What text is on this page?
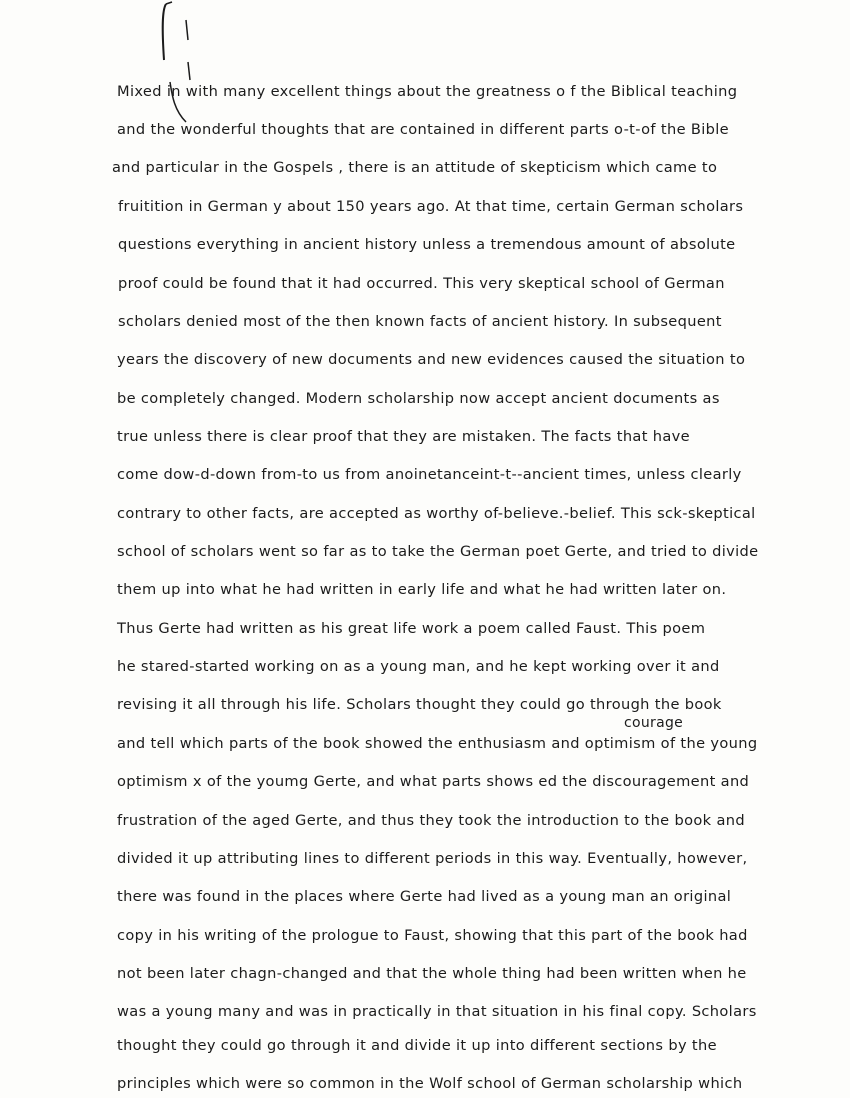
Mixed in with many excellent things about the greatness o f the Biblical teaching
and the wonderful thoughts that are contained in different parts o-t-of the Bible
and particular in the Gospels , there is an attitude of skepticism which came to
fruitition in German y about 150 years ago. At that time, certain German scholars
questions everything in ancient history unless a tremendous amount of absolute
proof could be found that it had occurred. This very skeptical school of German
scholars denied most of the then known facts of ancient history. In subsequent
years the discovery of new documents and new evidences caused the situation to
be completely changed. Modern scholarship now accept ancient documents as
true unless there is clear proof that they are mistaken. The facts that have
come dow-d-down from-to us from anoinetanceint-t--ancient times, unless clearly
contrary to other facts, are accepted as worthy of-believe.-belief. This sck-skeptical
school of scholars went so far as to take the German poet Gerte, and tried to divide
them up into what he had written in early life and what he had written later on.
Thus Gerte had written as his great life work a poem called Faust. This poem
he stared-started working on as a young man, and he kept working over it and
revising it all through his life. Scholars thought they could go through the book
courage
and tell which parts of the book showed the enthusiasm and optimism of the young
optimism x of the youmg Gerte, and what parts shows ed the discouragement and
frustration of the aged Gerte, and thus they took the introduction to the book and
divided it up attributing lines to different periods in this way. Eventually, however,
there was found in the places where Gerte had lived as a young man an original
copy in his writing of the prologue to Faust, showing that this part of the book had
not been later chagn-changed and that the whole thing had been written when he
was a young many and was in practically in that situation in his final copy. Scholars
thought they could go through it and divide it up into different sections by the
principles which were so common in the Wolf school of German scholarship which
